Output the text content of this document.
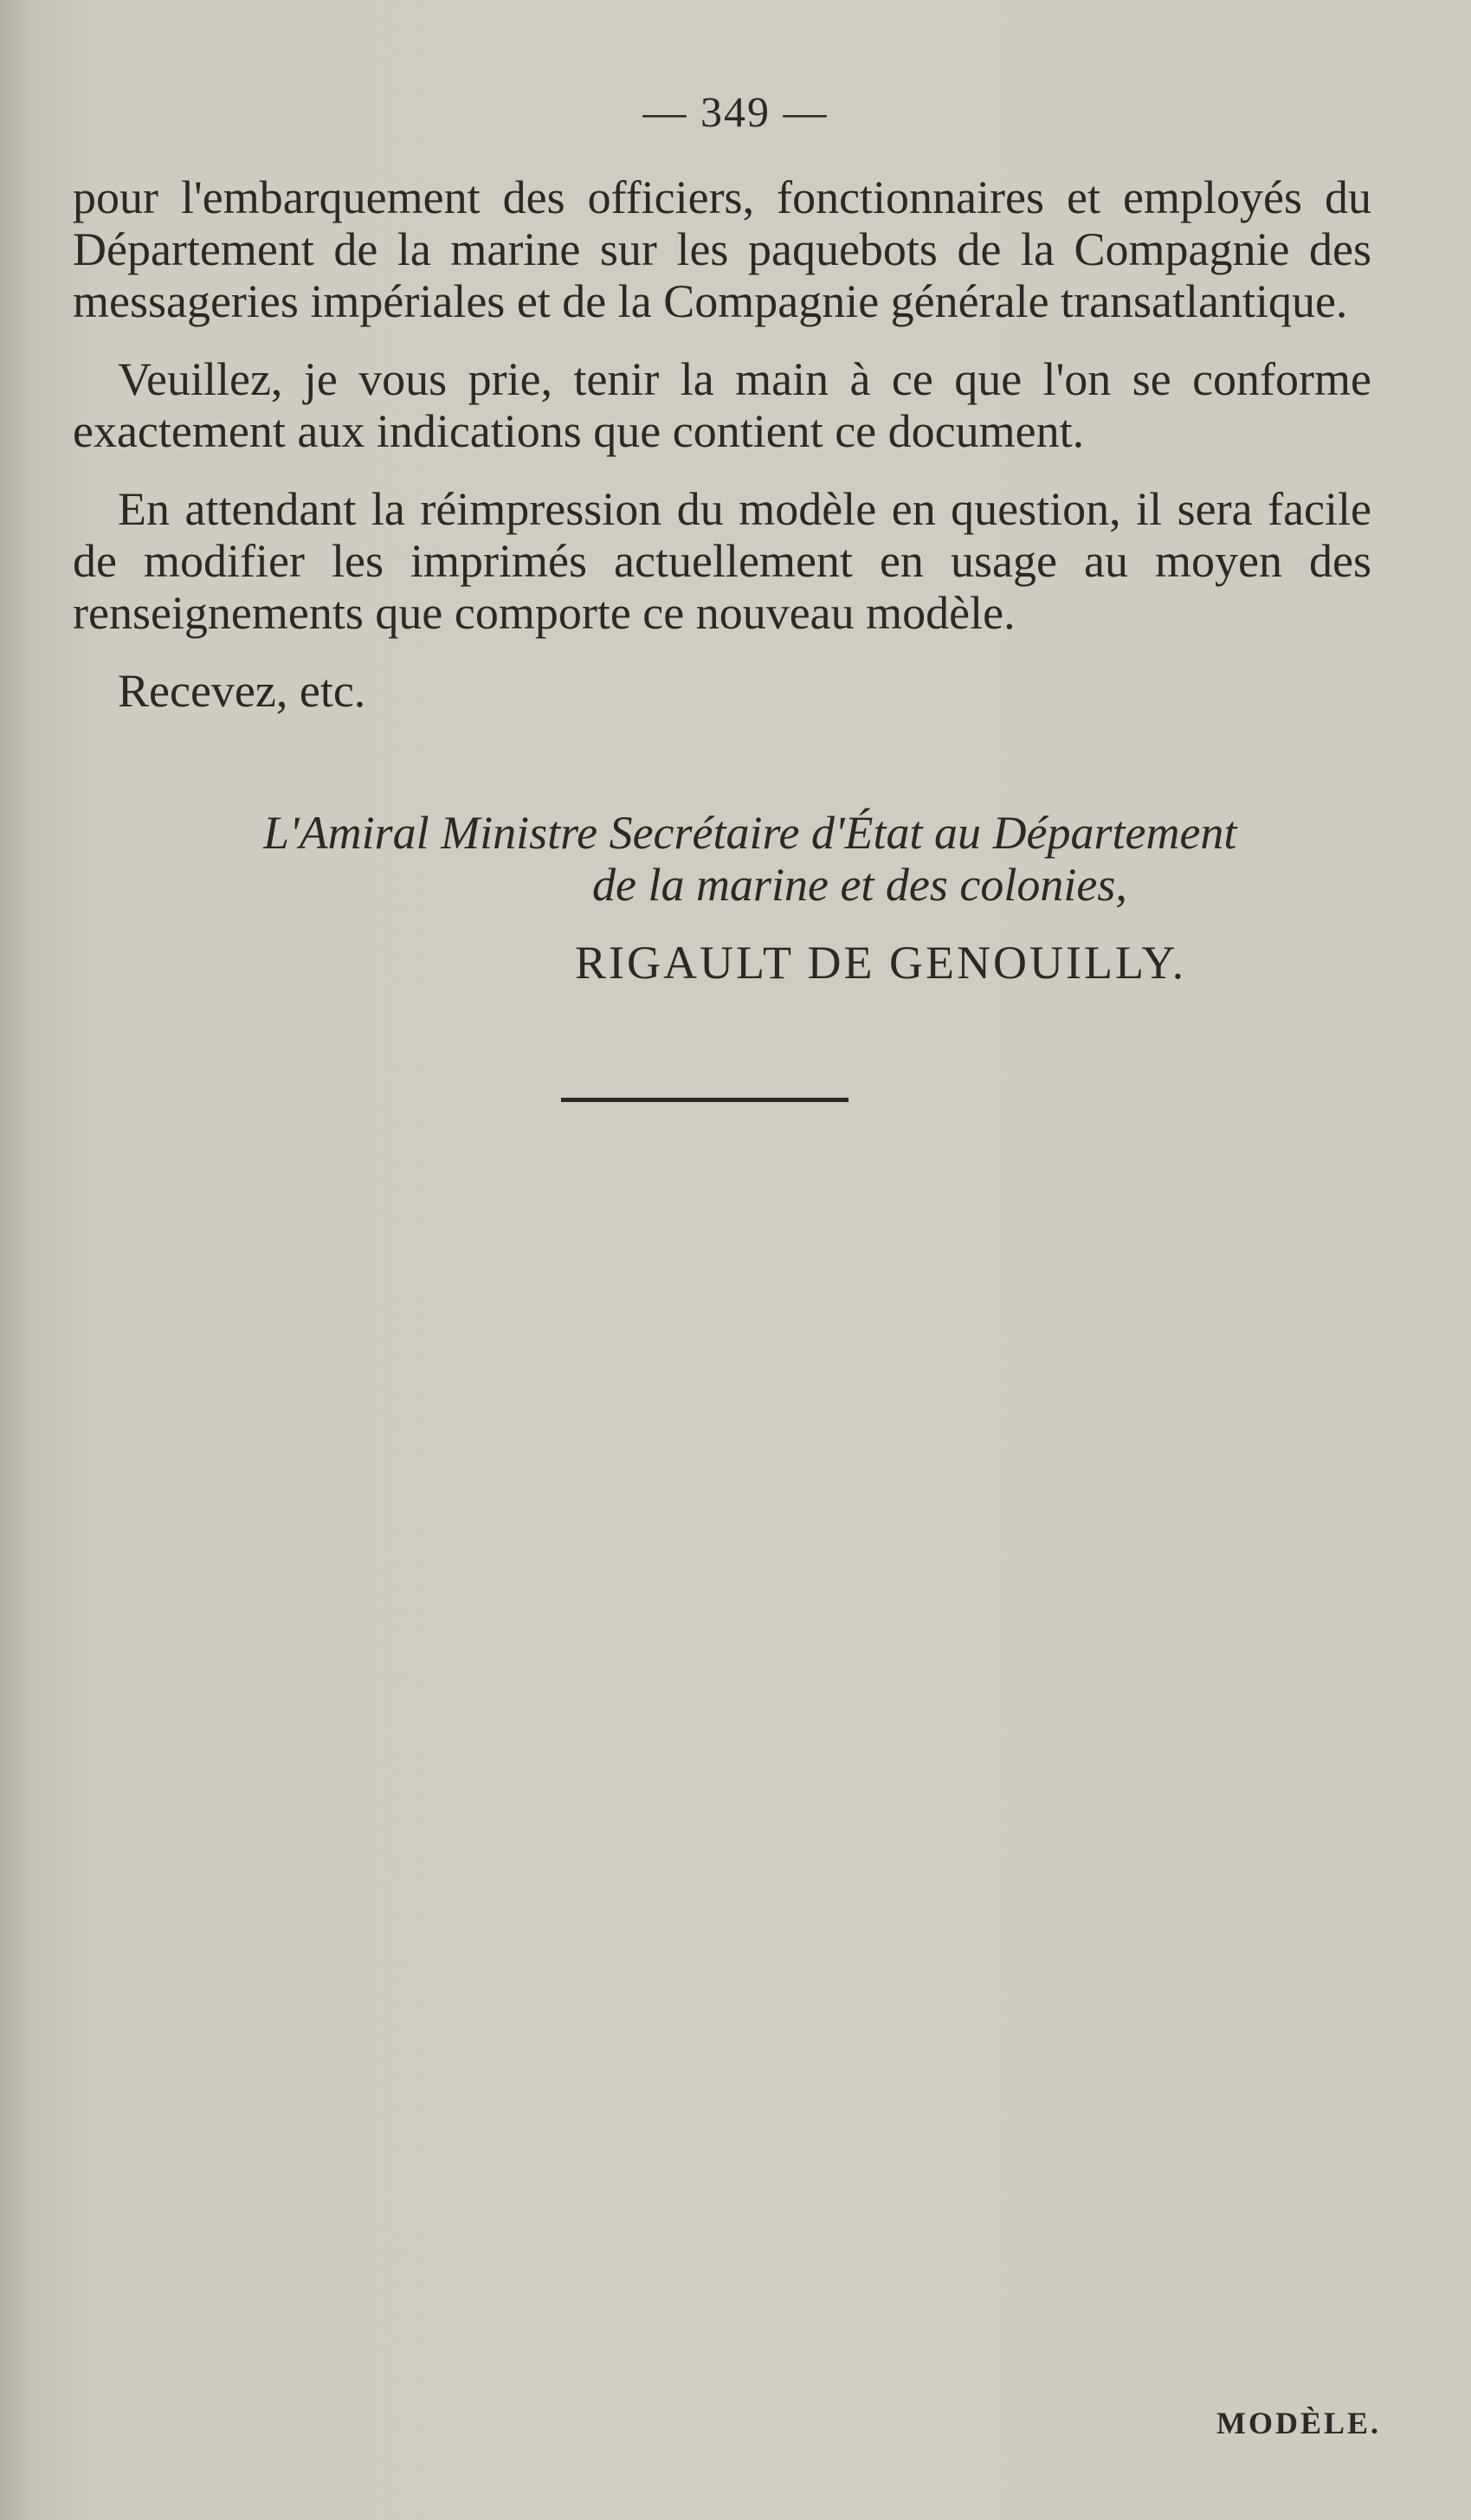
— 349 —

pour l'embarquement des officiers, fonctionnaires et employés du Département de la marine sur les paquebots de la Compagnie des messageries impériales et de la Compagnie générale transatlantique.

Veuillez, je vous prie, tenir la main à ce que l'on se conforme exactement aux indications que contient ce document.

En attendant la réimpression du modèle en question, il sera facile de modifier les imprimés actuellement en usage au moyen des renseignements que comporte ce nouveau modèle.

Recevez, etc.

L'Amiral Ministre Secrétaire d'État au Département
de la marine et des colonies,
RIGAULT DE GENOUILLY.
MODÈLE.
